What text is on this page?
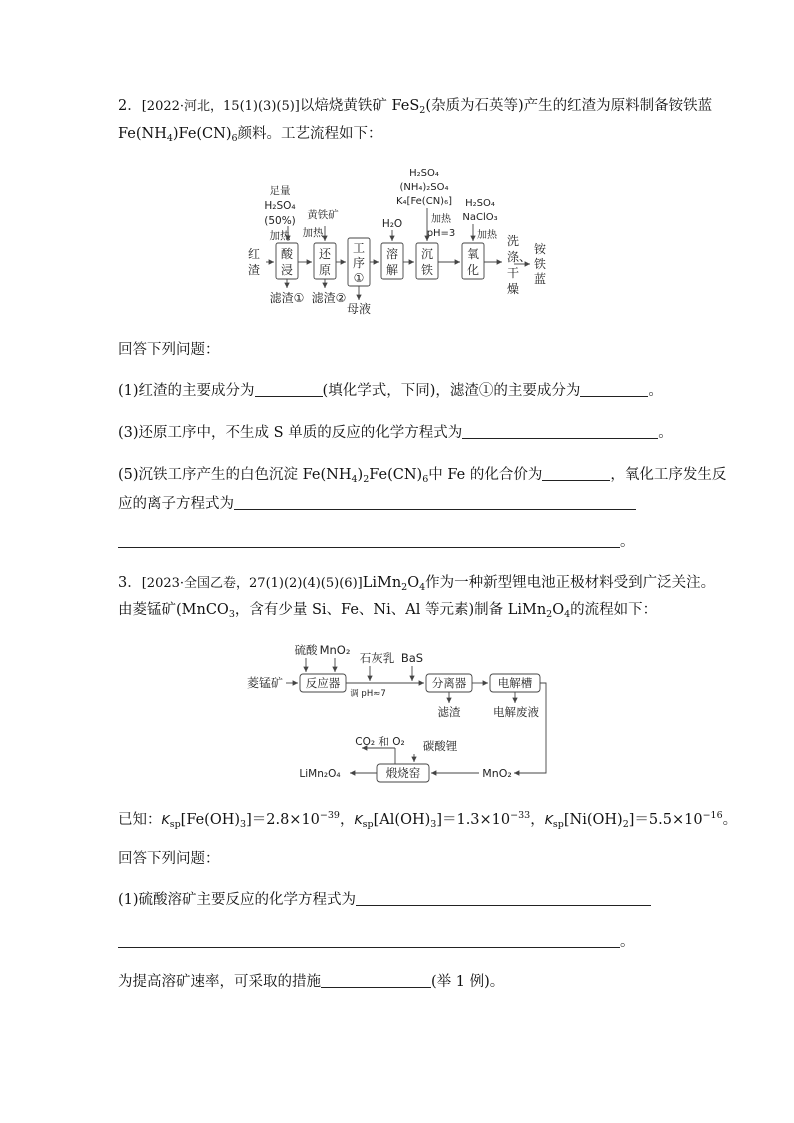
2．[2022·河北，15(1)(3)(5)]以焙烧黄铁矿 FeS$_2$(杂质为石英等)产生的红渣为原料制备铵铁蓝
$Fe(NH_4)Fe(CN)_6$颜料。工艺流程如下：
红
渣
足量
H₂SO₄
(50%)
加热
酸
浸
滤渣①
黄铁矿
加热
还
原
滤渣②
工
序
①
母液
H₂O
溶
解
H₂SO₄
(NH₄)₂SO₄
K₄[Fe(CN)₆]
加热
pH=3
沉
铁
H₂SO₄
NaClO₃
加热
氧
化
洗
涤、
干
燥
铵
铁
蓝
回答下列问题：
(1)红渣的主要成分为	(填化学式，下同)，滤渣①的主要成分为	。
(3)还原工序中，不生成 S 单质的反应的化学方程式为	。
(5)沉铁工序产生的白色沉淀 $Fe(NH_4)_2Fe(CN)_6$中 Fe 的化合价为	，氧化工序发生反
应的离子方程式为
。
3．[2023·全国乙卷，$27(1)(2)(4)(5)(6)]LiMn_2O_4$作为一种新型锂电池正极材料受到广泛关注。
由菱锰矿(MnCO$_3$，含有少量 Si、Fe、Ni、Al 等元素)制备 $LiMn_2O_4$的流程如下：
硫酸 MnO₂
菱锰矿 反应器
石灰乳
调 pH≈7
BaS
分离器
滤渣
电解槽
电解废液
MnO₂
煅烧窑
碳酸锂
CO₂ 和 O₂
LiMn₂O₄
已知：$K_{sp}[Fe(OH)_3]=2.8\times 10^{-39}$，$K_{sp}[Al(OH)_3]=1.3\times 10^{-33}$，$K_{sp}[Ni(OH)_2]=5.5\times 10^{-16}$。
回答下列问题：
(1)硫酸溶矿主要反应的化学方程式为
。
为提高溶矿速率，可采取的措施	(举 1 例)。
